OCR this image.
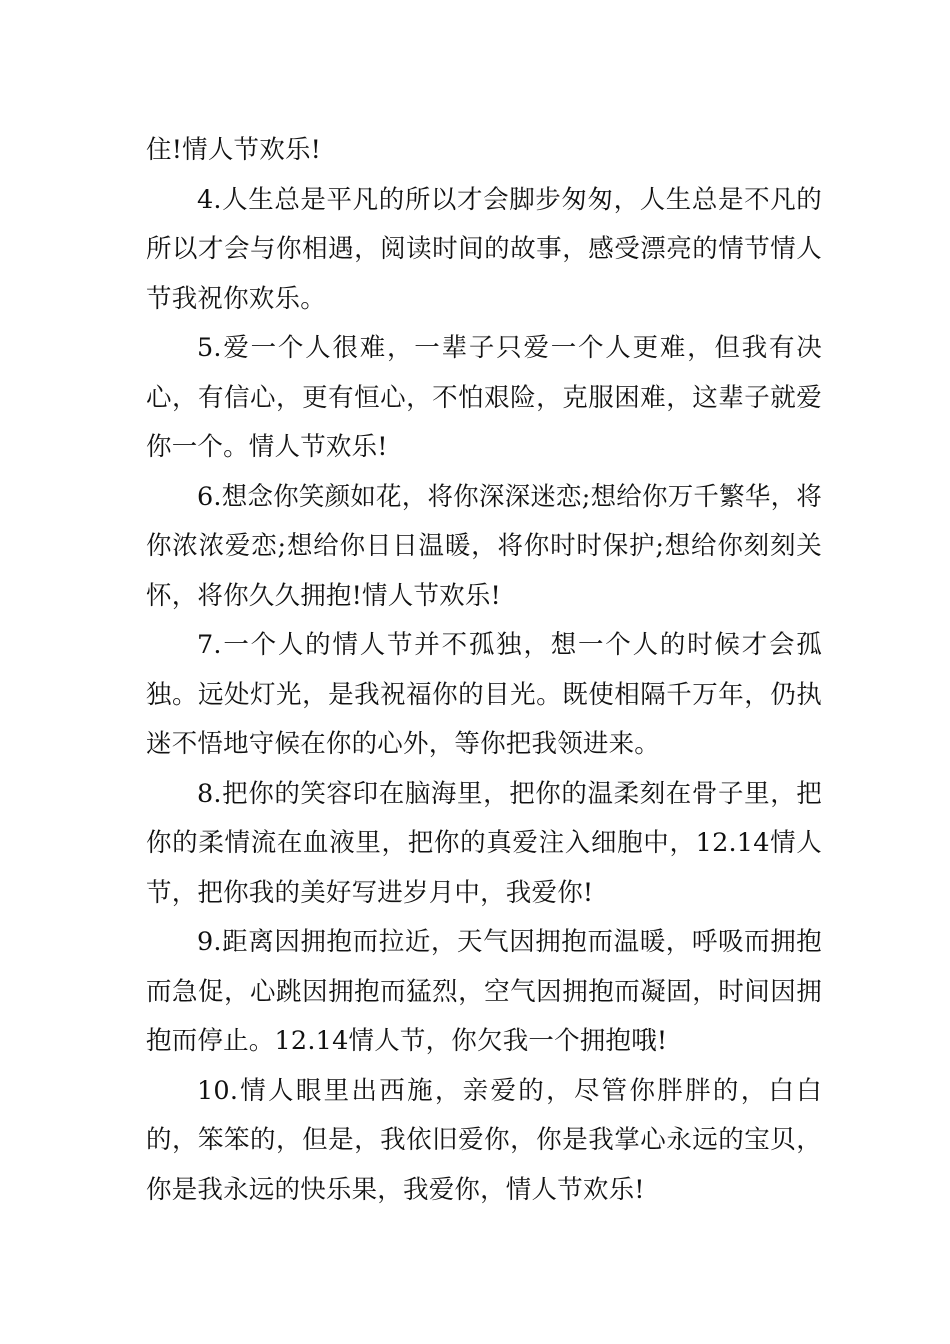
住!情人节欢乐!

4.人生总是平凡的所以才会脚步匆匆，人生总是不凡的所以才会与你相遇，阅读时间的故事，感受漂亮的情节情人节我祝你欢乐。

5.爱一个人很难，一辈子只爱一个人更难，但我有决心，有信心，更有恒心，不怕艰险，克服困难，这辈子就爱你一个。情人节欢乐!

6.想念你笑颜如花，将你深深迷恋;想给你万千繁华，将你浓浓爱恋;想给你日日温暖，将你时时保护;想给你刻刻关怀，将你久久拥抱!情人节欢乐!

7.一个人的情人节并不孤独，想一个人的时候才会孤独。远处灯光，是我祝福你的目光。既使相隔千万年，仍执迷不悟地守候在你的心外，等你把我领进来。

8.把你的笑容印在脑海里，把你的温柔刻在骨子里，把你的柔情流在血液里，把你的真爱注入细胞中，12.14情人节，把你我的美好写进岁月中，我爱你!

9.距离因拥抱而拉近，天气因拥抱而温暖，呼吸而拥抱而急促，心跳因拥抱而猛烈，空气因拥抱而凝固，时间因拥抱而停止。12.14情人节，你欠我一个拥抱哦!

10.情人眼里出西施，亲爱的，尽管你胖胖的，白白的，笨笨的，但是，我依旧爱你，你是我掌心永远的宝贝，你是我永远的快乐果，我爱你，情人节欢乐!
